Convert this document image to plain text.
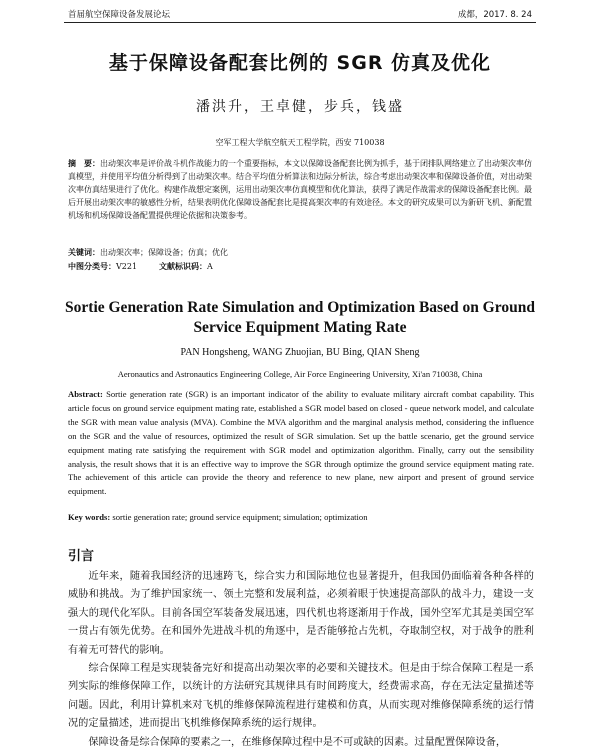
首届航空保障设备发展论坛	成都，2017. 8. 24
基于保障设备配套比例的 SGR 仿真及优化
潘洪升，王卓健，步兵，钱盛
空军工程大学航空航天工程学院，西安 710038
摘　要：出动架次率是评价战斗机作战能力的一个重要指标，本文以保障设备配套比例为抓手，基于闭排队网络建立了出动架次率仿真模型，并使用平均值分析得到了出动架次率。结合平均值分析算法和边际分析法，综合考虑出动架次率和保障设备价值，对出动架次率仿真结果进行了优化。构建作战想定案例，运用出动架次率仿真模型和优化算法，获得了满足作战需求的保障设备配套比例。最后开展出动架次率的敏感性分析，结果表明优化保障设备配套比是提高架次率的有效途径。本文的研究成果可以为新研飞机、新配置机场和机场保障设备配置提供理论依据和决策参考。
关键词：出动架次率；保障设备；仿真；优化
中图分类号：V221	文献标识码：A
Sortie Generation Rate Simulation and Optimization Based on Ground Service Equipment Mating Rate
PAN Hongsheng, WANG Zhuojian, BU Bing, QIAN Sheng
Aeronautics and Astronautics Engineering College, Air Force Engineering University, Xi'an 710038, China
Abstract: Sortie generation rate (SGR) is an important indicator of the ability to evaluate military aircraft combat capability. This article focus on ground service equipment mating rate, established a SGR model based on closed - queue network model, and calculate the SGR with mean value analysis (MVA). Combine the MVA algorithm and the marginal analysis method, considering the influence on the SGR and the value of resources, optimized the result of SGR simulation. Set up the battle scenario, get the ground service equipment mating rate satisfying the requirement with SGR model and optimization algorithm. Finally, carry out the sensibility analysis, the result shows that it is an effective way to improve the SGR through optimize the ground service equipment mating rate. The achievement of this article can provide the theory and reference to new plane, new airport and present of ground service equipment.
Key words: sortie generation rate; ground service equipment; simulation; optimization
引言

近年来，随着我国经济的迅速跨飞，综合实力和国际地位也显著提升，但我国仍面临着各种各样的威胁和挑战。为了维护国家统一、领土完整和发展利益，必须着眼于快速提高部队的战斗力，建设一支强大的现代化军队。目前各国空军装备发展迅速，四代机也将逐渐用于作战，国外空军尤其是美国空军一贯占有领先优势。在和国外先进战斗机的角逐中，是否能够抢占先机，夺取制空权，对于战争的胜利有着无可替代的影响。

综合保障工程是实现装备完好和提高出动架次率的必要和关键技术。但是由于综合保障工程是一系列实际的维修保障工作，以统计的方法研究其规律具有时间跨度大，经费需求高，存在无法定量描述等问题。因此，利用计算机来对飞机的维修保障流程进行建模和仿真，从而实现对维修保障系统的运行情况的定量描述，进而提出飞机维修保障系统的运行规律。

保障设备是综合保障的要素之一，在维修保障过程中是不可或缺的因素。过量配置保障设备，
